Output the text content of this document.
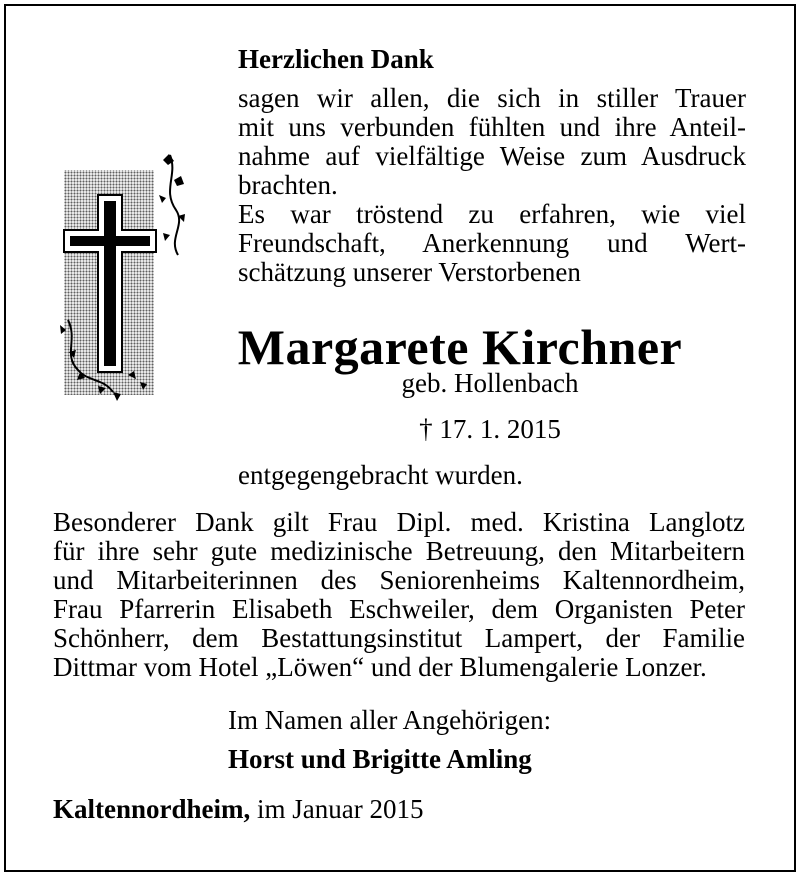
Herzlichen Dank
sagen wir allen, die sich in stiller Trauer
mit uns verbunden fühlten und ihre Anteil-
nahme auf vielfältige Weise zum Ausdruck
brachten.
Es war tröstend zu erfahren, wie viel
Freundschaft, Anerkennung und Wert-
schätzung unserer Verstorbenen
Margarete Kirchner
geb. Hollenbach
† 17. 1. 2015
entgegengebracht wurden.
Besonderer Dank gilt Frau Dipl. med. Kristina Langlotz
für ihre sehr gute medizinische Betreuung, den Mitarbeitern
und Mitarbeiterinnen des Seniorenheims Kaltennordheim,
Frau Pfarrerin Elisabeth Eschweiler, dem Organisten Peter
Schönherr, dem Bestattungsinstitut Lampert, der Familie
Dittmar vom Hotel „Löwen“ und der Blumengalerie Lonzer.
Im Namen aller Angehörigen:
Horst und Brigitte Amling
Kaltennordheim, im Januar 2015
